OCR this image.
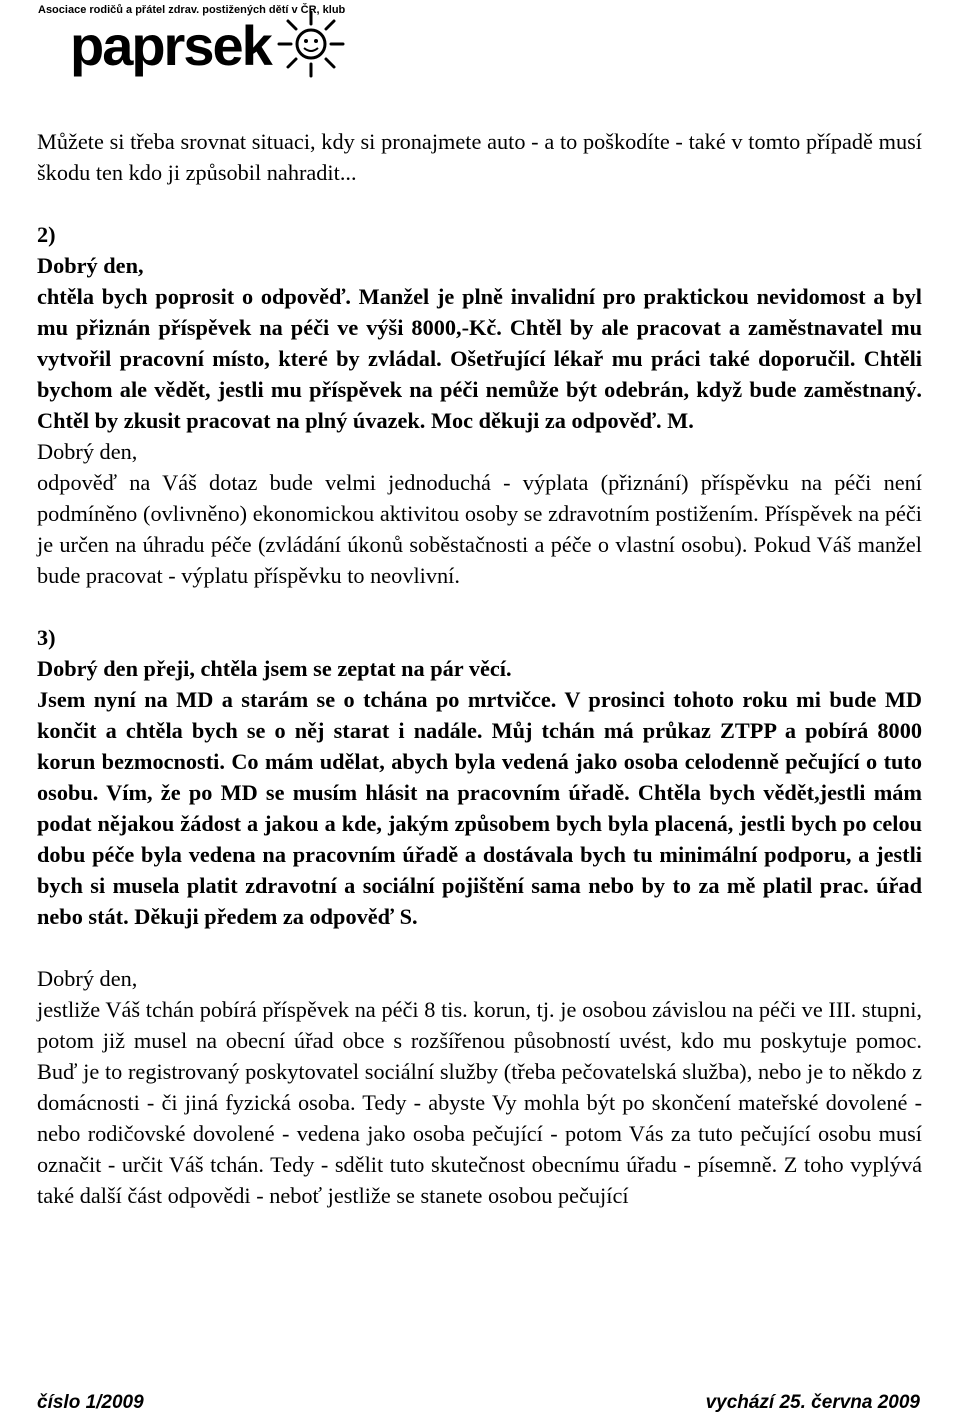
Asociace rodičů a přátel zdrav. postižených dětí v ČR, klub
paprsek

Můžete si třeba srovnat situaci, kdy si pronajmete auto - a to poškodíte - také v tomto případě musí škodu ten kdo ji způsobil nahradit...

2)

Dobrý den,

chtěla bych poprosit o odpověď. Manžel je plně invalidní pro praktickou nevidomost a byl mu přiznán příspěvek na péči ve výši 8000,-Kč. Chtěl by ale pracovat a zaměstnavatel mu vytvořil pracovní místo, které by zvládal. Ošetřující lékař mu práci také doporučil. Chtěli bychom ale vědět, jestli mu příspěvek na péči nemůže být odebrán, když bude zaměstnaný. Chtěl by zkusit pracovat na plný úvazek. Moc děkuji za odpověď. M.

Dobrý den,

odpověď na Váš dotaz bude velmi jednoduchá - výplata (přiznání) příspěvku na péči není podmíněno (ovlivněno) ekonomickou aktivitou osoby se zdravotním postižením. Příspěvek na péči je určen na úhradu péče (zvládání úkonů soběstačnosti a péče o vlastní osobu). Pokud Váš manžel bude pracovat - výplatu příspěvku to neovlivní.

3)

Dobrý den přeji, chtěla jsem se zeptat na pár věcí.

Jsem nyní na MD a starám se o tchána po mrtvičce. V prosinci tohoto roku mi bude MD končit a chtěla bych se o něj starat i nadále. Můj tchán má průkaz ZTPP a pobírá 8000 korun bezmocnosti. Co mám udělat, abych byla vedená jako osoba celodenně pečující o tuto osobu. Vím, že po MD se musím hlásit na pracovním úřadě. Chtěla bych vědět,jestli mám podat nějakou žádost a jakou a kde, jakým způsobem bych byla placená, jestli bych po celou dobu péče byla vedena na pracovním úřadě a dostávala bych tu minimální podporu, a jestli bych si musela platit zdravotní a sociální pojištění sama nebo by to za mě platil prac. úřad nebo stát. Děkuji předem za odpověď S.

Dobrý den,

jestliže Váš tchán pobírá příspěvek na péči 8 tis. korun, tj. je osobou závislou na péči ve III. stupni, potom již musel na obecní úřad obce s rozšířenou působností uvést, kdo mu poskytuje pomoc. Buď je to registrovaný poskytovatel sociální služby (třeba pečovatelská služba), nebo je to někdo z domácnosti - či jiná fyzická osoba. Tedy - abyste Vy mohla být po skončení mateřské dovolené - nebo rodičovské dovolené - vedena jako osoba pečující - potom Vás za tuto pečující osobu musí označit - určit Váš tchán. Tedy - sdělit tuto skutečnost obecnímu úřadu - písemně. Z toho vyplývá také další část odpovědi - neboť jestliže se stanete osobou pečující

číslo 1/2009	vychází 25. června 2009
